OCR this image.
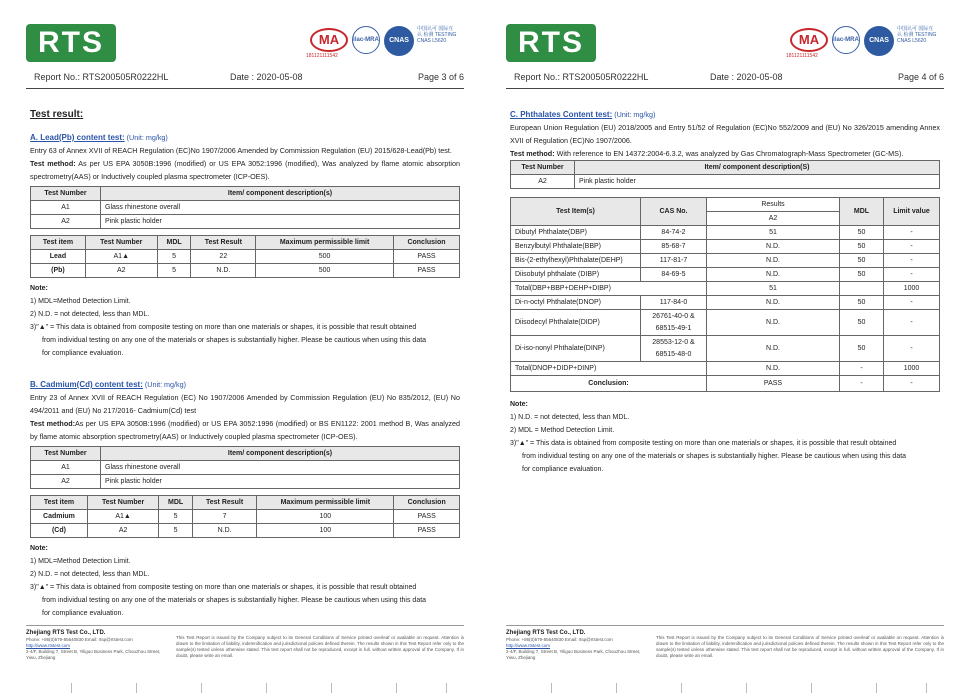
RTS	MA
181121111542
ilac-MRA	CNAS
中国认可 国际互认 检测 TESTING CNAS L5620
Report No.: RTS200505R0222HL	Date : 2020-05-08	Page 3 of 6
Test result:
A. Lead(Pb) content test: (Unit: mg/kg)
Entry 63 of Annex XVII of REACH Regulation (EC)No 1907/2006 Amended by Commission Regulation (EU) 2015/628-Lead(Pb) test.
Test method: As per US EPA 3050B:1996 (modified) or US EPA 3052:1996 (modified), Was analyzed by flame atomic absorption spectrometry(AAS) or Inductively coupled plasma spectrometer (ICP-OES).
Test Number	Item/ component description(s)
A1	Glass rhinestone overall
A2	Pink plastic holder
Test item	Test Number	MDL	Test Result	Maximum permissible limit	Conclusion
Lead	A1▲	5	22	500	PASS
(Pb)	A2	5	N.D.	500	PASS
Note:
1) MDL=Method Detection Limit.
2) N.D. = not detected, less than MDL.
3)"▲" = This data is obtained from composite testing on more than one materials or shapes, it is possible that result obtained
from individual testing on any one of the materials or shapes is substantially higher. Please be cautious when using this data
for compliance evaluation.
B. Cadmium(Cd) content test: (Unit: mg/kg)
Entry 23 of Annex XVII of REACH Regulation (EC) No 1907/2006 Amended by Commission Regulation (EU) No 835/2012, (EU) No 494/2011 and (EU) No 217/2016- Cadmium(Cd) test
Test method:As per US EPA 3050B:1996 (modified) or US EPA 3052:1996 (modified) or BS EN1122: 2001 method B, Was analyzed by flame atomic absorption spectrometry(AAS) or Inductively coupled plasma spectrometer (ICP-OES).
Test Number	Item/ component description(s)
A1	Glass rhinestone overall
A2	Pink plastic holder
Test item	Test Number	MDL	Test Result	Maximum permissible limit	Conclusion
Cadmium	A1▲	5	7	100	PASS
(Cd)	A2	5	N.D.	100	PASS
Note:
1) MDL=Method Detection Limit.
2) N.D. = not detected, less than MDL.
3)"▲" = This data is obtained from composite testing on more than one materials or shapes, it is possible that result obtained
from individual testing on any one of the materials or shapes is substantially higher. Please be cautious when using this data
for compliance evaluation.
Zhejiang RTS Test Co., LTD.
Phone: +86(0)579-85640830 Email: rtsp@rtstest.com
http://www.rtstest.com
2-4/F, Building 7, Street B, Yiliguo Business Park, Chouzhou Street, Yiwu, Zhejiang
This Test Report is issued by the Company subject to its General Conditions of Service printed overleaf or available on request. Attention is drawn to the limitation of liability, indemnification and jurisdictional policies defined therein. The results shown in this Test Report refer only to the sample(s) tested unless otherwise stated. This test report shall not be reproduced, except in full, without written approval of the Company. If in doubt, please write an email.
RTS	MA
181121111542
ilac-MRA	CNAS
中国认可 国际互认 检测 TESTING CNAS L5620
Report No.: RTS200505R0222HL	Date : 2020-05-08	Page 4 of 6
C. Phthalates Content test: (Unit: mg/kg)
European Union Regulation (EU) 2018/2005 and Entry 51/52 of Regulation (EC)No 552/2009 and (EU) No 326/2015 amending Annex XVII of Regulation (EC)No 1907/2006.
Test method: With reference to EN 14372:2004-6.3.2, was analyzed by Gas Chromatograph-Mass Spectrometer (GC-MS).
Test Number	Item/ component description(S)
A2	Pink plastic holder
Test Item(s)	CAS No.	Results	MDL	Limit value
		A2		
Dibutyl Phthalate(DBP)	84-74-2	51	50	-
Benzylbutyl Phthalate(BBP)	85-68-7	N.D.	50	-
Bis-(2-ethylhexyl)Phthalate(DEHP)	117-81-7	N.D.	50	-
Diisobutyl phthalate (DIBP)	84-69-5	N.D.	50	-
Total(DBP+BBP+DEHP+DIBP)		51		1000
Di-n-octyl Phthalate(DNOP)	117-84-0	N.D.	50	-
Diisodecyl Phthalate(DIDP)	26761-40-0 & 68515-49-1	N.D.	50	-
Di-iso-nonyl Phthalate(DINP)	28553-12-0 & 68515-48-0	N.D.	50	-
Total(DNOP+DIDP+DINP)		N.D.	-	1000
Conclusion:		PASS	-	-
Note:
1) N.D. = not detected, less than MDL.
2) MDL = Method Detection Limit.
3)"▲" = This data is obtained from composite testing on more than one materials or shapes, it is possible that result obtained
from individual testing on any one of the materials or shapes is substantially higher. Please be cautious when using this data
for compliance evaluation.
Zhejiang RTS Test Co., LTD.
Phone: +86(0)579-85640830 Email: rtsp@rtstest.com
http://www.rtstest.com
2-4/F, Building 7, Street B, Yiliguo Business Park, Chouzhou Street, Yiwu, Zhejiang
This Test Report is issued by the Company subject to its General Conditions of Service printed overleaf or available on request. Attention is drawn to the limitation of liability, indemnification and jurisdictional policies defined therein. The results shown in this Test Report refer only to the sample(s) tested unless otherwise stated. This test report shall not be reproduced, except in full, without written approval of the Company. If in doubt, please write an email.
